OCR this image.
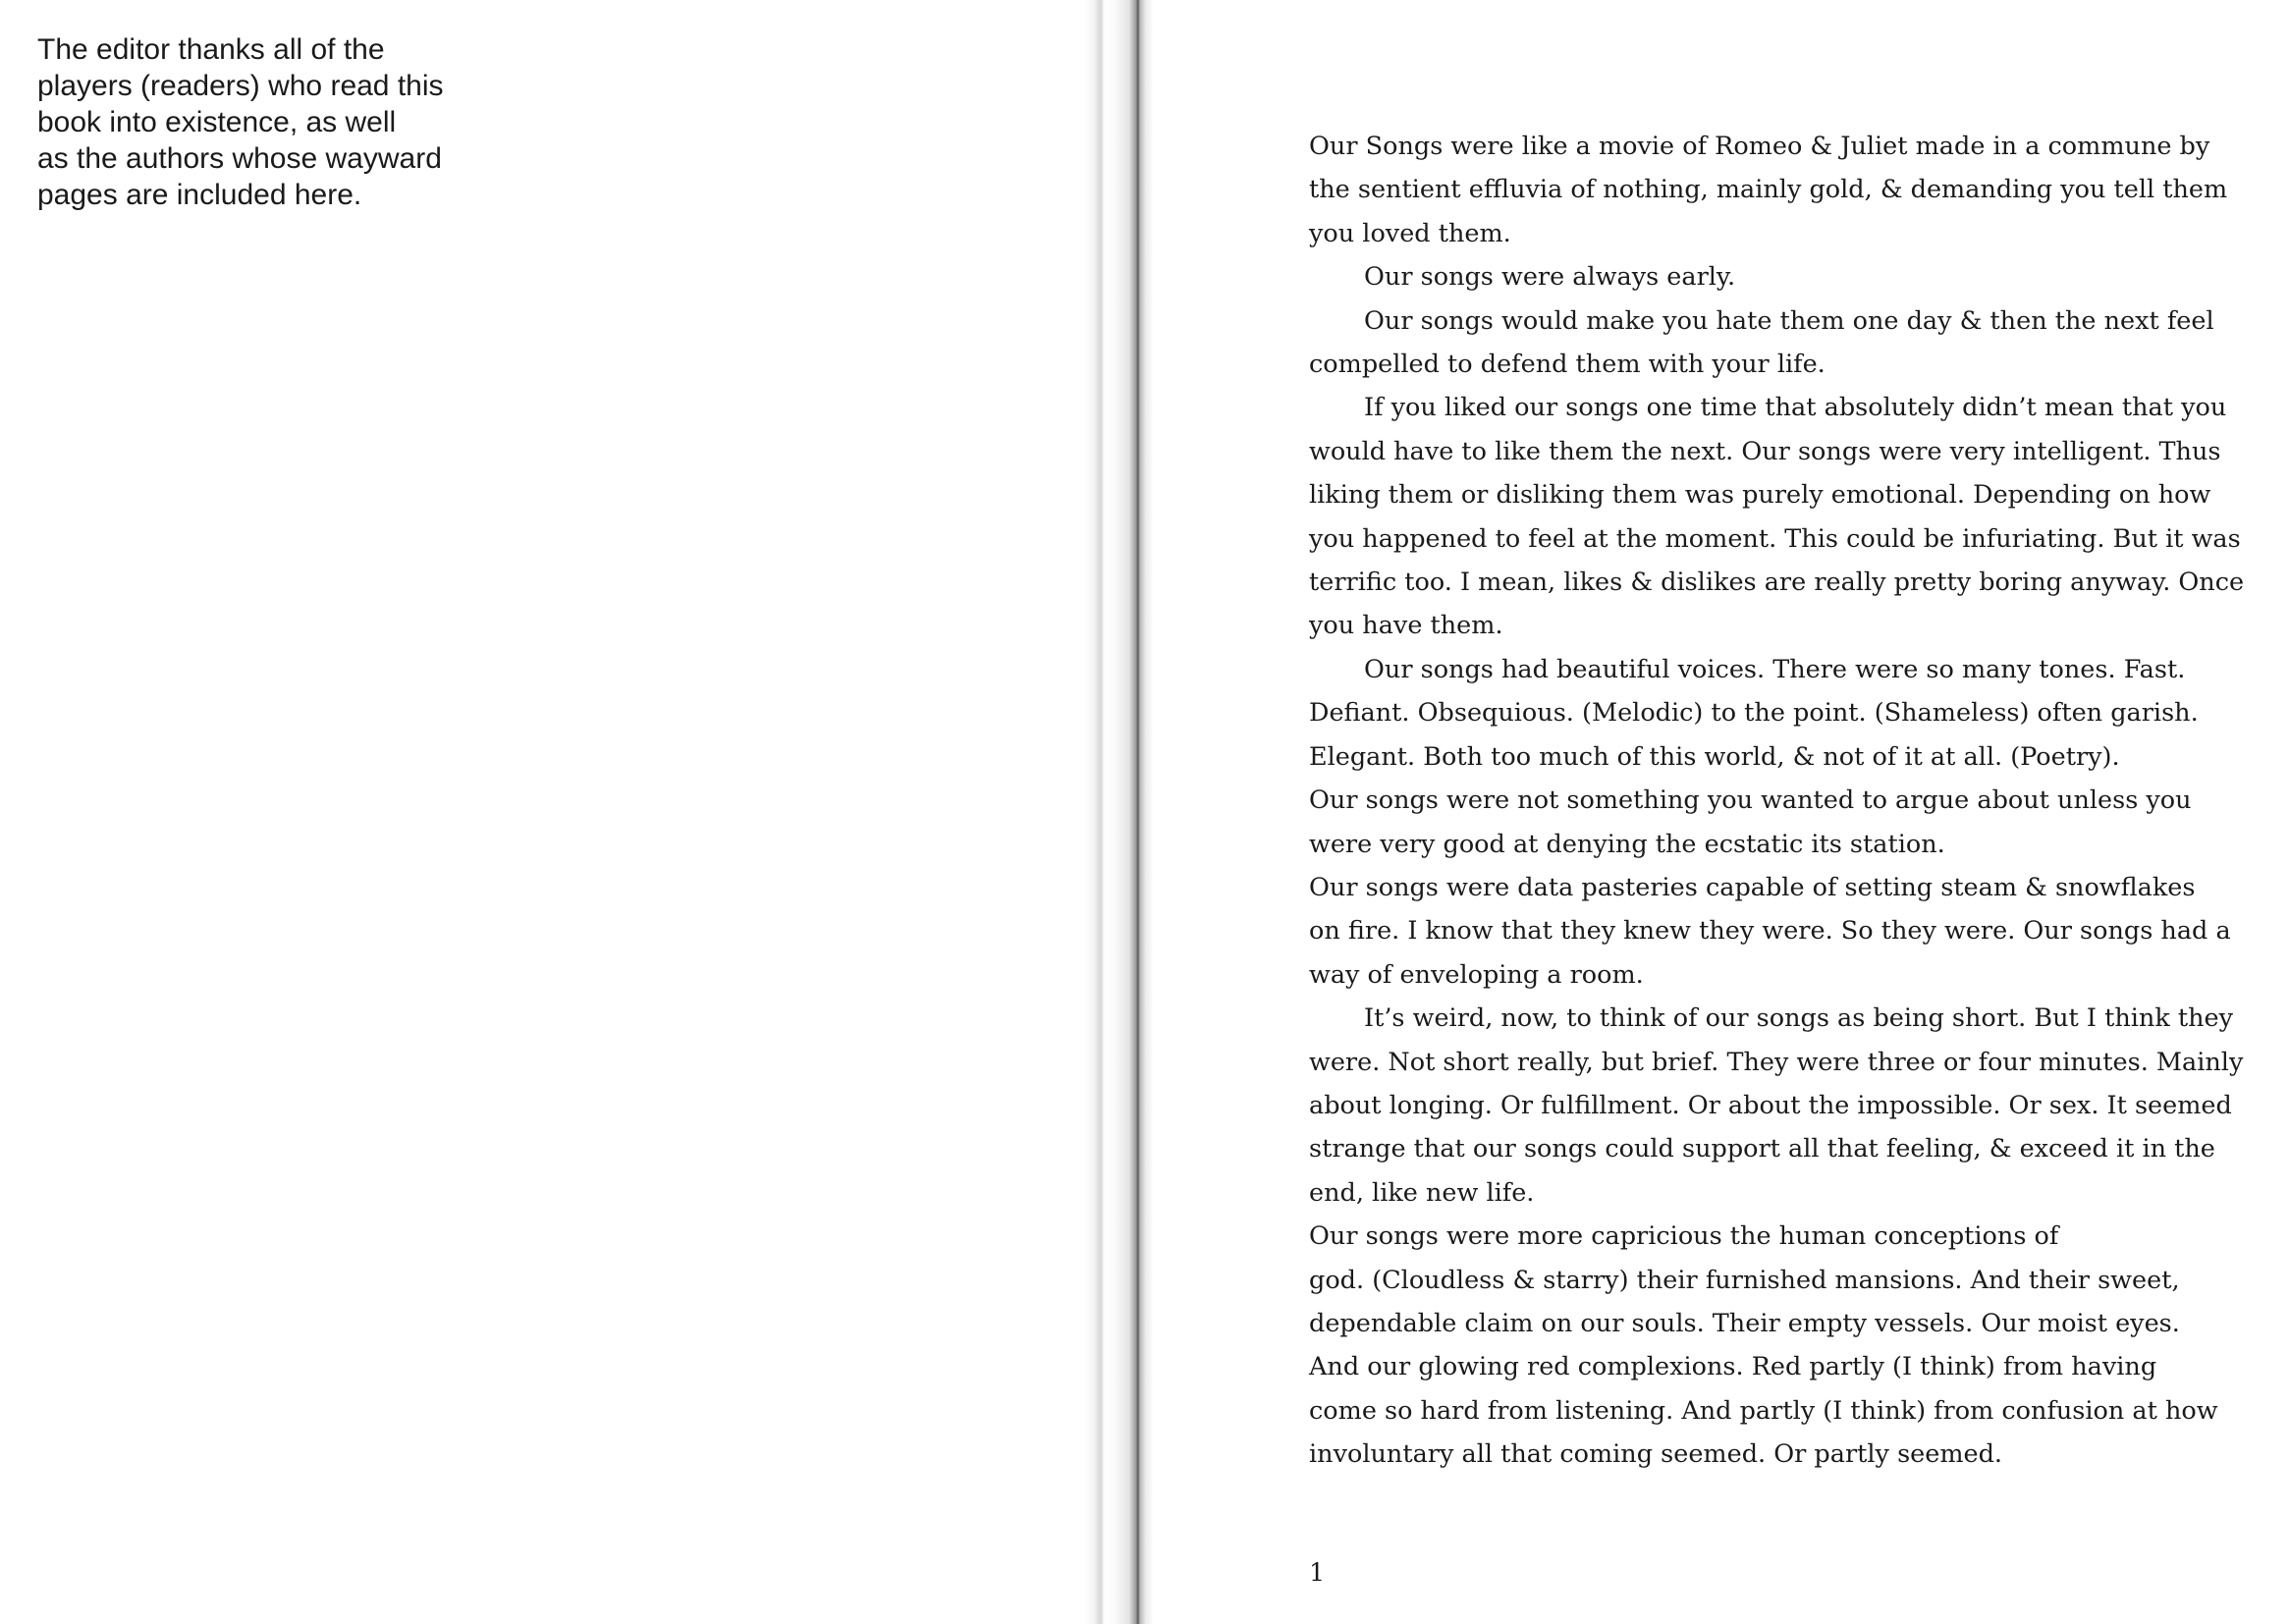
The editor thanks all of the
players (readers) who read this
book into existence, as well
as the authors whose wayward
pages are included here.
Our Songs were like a movie of Romeo & Juliet made in a commune by
the sentient effluvia of nothing, mainly gold, & demanding you tell them
you loved them.
Our songs were always early.
Our songs would make you hate them one day & then the next feel
compelled to defend them with your life.
If you liked our songs one time that absolutely didn’t mean that you
would have to like them the next. Our songs were very intelligent. Thus
liking them or disliking them was purely emotional. Depending on how
you happened to feel at the moment. This could be infuriating. But it was
terrific too. I mean, likes & dislikes are really pretty boring anyway. Once
you have them.
Our songs had beautiful voices. There were so many tones. Fast.
Defiant. Obsequious. (Melodic) to the point. (Shameless) often garish.
Elegant. Both too much of this world, & not of it at all. (Poetry).
Our songs were not something you wanted to argue about unless you
were very good at denying the ecstatic its station.
Our songs were data pasteries capable of setting steam & snowflakes
on fire. I know that they knew they were. So they were. Our songs had a
way of enveloping a room.
It’s weird, now, to think of our songs as being short. But I think they
were. Not short really, but brief. They were three or four minutes. Mainly
about longing. Or fulfillment. Or about the impossible. Or sex. It seemed
strange that our songs could support all that feeling, & exceed it in the
end, like new life.
Our songs were more capricious the human conceptions of
god. (Cloudless & starry) their furnished mansions. And their sweet,
dependable claim on our souls. Their empty vessels. Our moist eyes.
And our glowing red complexions. Red partly (I think) from having
come so hard from listening. And partly (I think) from confusion at how
involuntary all that coming seemed. Or partly seemed.
1
